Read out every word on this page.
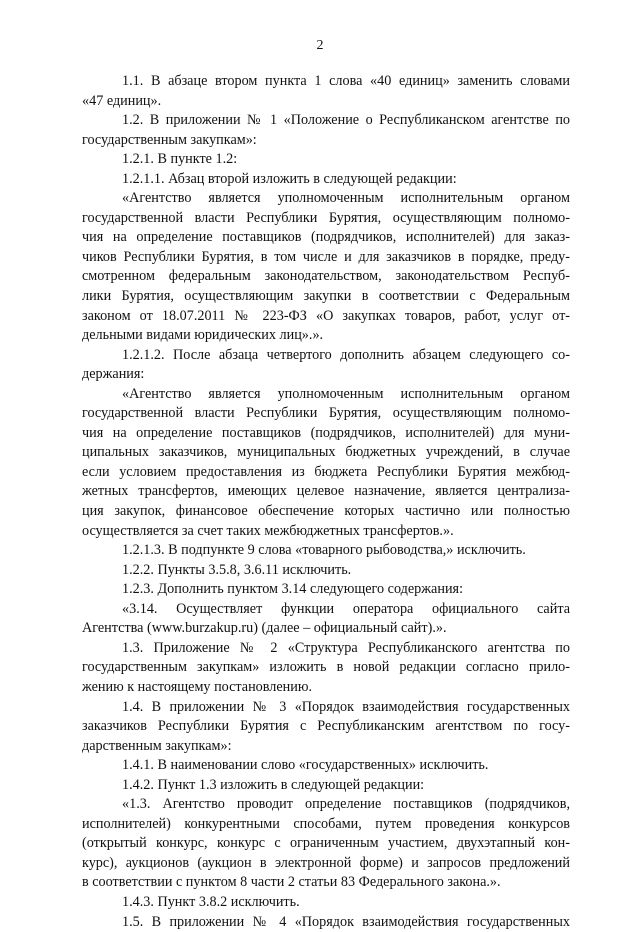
2
1.1. В абзаце втором пункта 1 слова «40 единиц» заменить словами
«47 единиц».
1.2. В приложении № 1 «Положение о Республиканском агентстве по
государственным закупкам»:
1.2.1. В пункте 1.2:
1.2.1.1. Абзац второй изложить в следующей редакции:
«Агентство является уполномоченным исполнительным органом
государственной власти Республики Бурятия, осуществляющим полномо-
чия на определение поставщиков (подрядчиков, исполнителей) для заказ-
чиков Республики Бурятия, в том числе и для заказчиков в порядке, преду-
смотренном федеральным законодательством, законодательством Респуб-
лики Бурятия, осуществляющим закупки в соответствии с Федеральным
законом от 18.07.2011 № 223-ФЗ «О закупках товаров, работ, услуг от-
дельными видами юридических лиц».».
1.2.1.2. После абзаца четвертого дополнить абзацем следующего со-
держания:
«Агентство является уполномоченным исполнительным органом
государственной власти Республики Бурятия, осуществляющим полномо-
чия на определение поставщиков (подрядчиков, исполнителей) для муни-
ципальных заказчиков, муниципальных бюджетных учреждений, в случае
если условием предоставления из бюджета Республики Бурятия межбюд-
жетных трансфертов, имеющих целевое назначение, является централиза-
ция закупок, финансовое обеспечение которых частично или полностью
осуществляется за счет таких межбюджетных трансфертов.».
1.2.1.3. В подпункте 9 слова «товарного рыбоводства,» исключить.
1.2.2. Пункты 3.5.8, 3.6.11 исключить.
1.2.3. Дополнить пунктом 3.14 следующего содержания:
«3.14. Осуществляет функции оператора официального сайта
Агентства (www.burzakup.ru) (далее – официальный сайт).».
1.3. Приложение № 2 «Структура Республиканского агентства по
государственным закупкам» изложить в новой редакции согласно прило-
жению к настоящему постановлению.
1.4. В приложении № 3 «Порядок взаимодействия государственных
заказчиков Республики Бурятия с Республиканским агентством по госу-
дарственным закупкам»:
1.4.1. В наименовании слово «государственных» исключить.
1.4.2. Пункт 1.3 изложить в следующей редакции:
«1.3. Агентство проводит определение поставщиков (подрядчиков,
исполнителей) конкурентными способами, путем проведения конкурсов
(открытый конкурс, конкурс с ограниченным участием, двухэтапный кон-
курс), аукционов (аукцион в электронной форме) и запросов предложений
в соответствии с пунктом 8 части 2 статьи 83 Федерального закона.».
1.4.3. Пункт 3.8.2 исключить.
1.5. В приложении № 4 «Порядок взаимодействия государственных
